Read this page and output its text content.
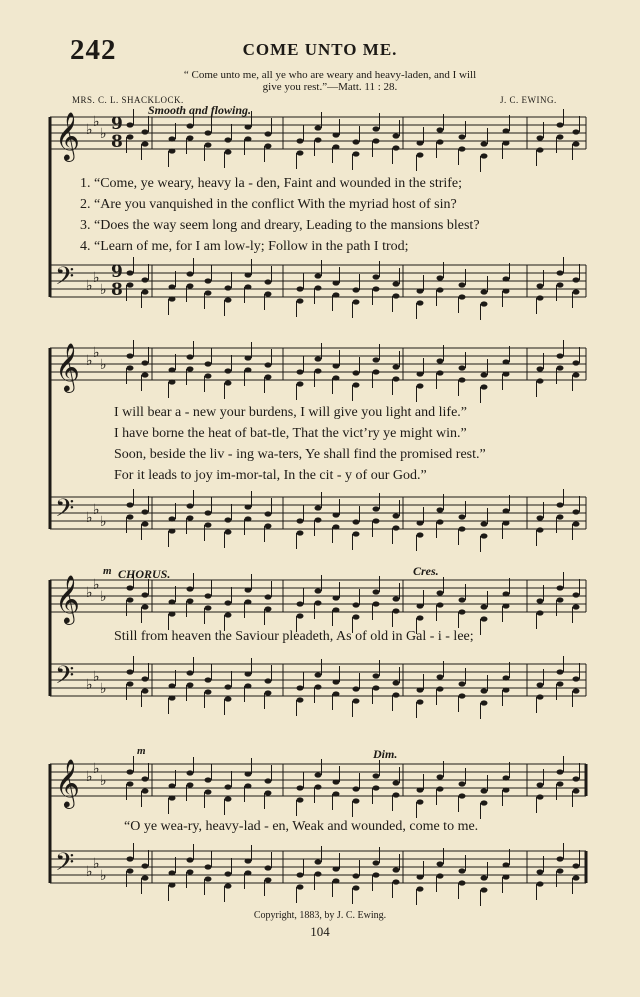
242	COME UNTO ME.
“ Come unto me, all ye who are weary and heavy-laden, and I will
give you rest.”—Matt. 11 : 28.
MRS. C. L. SHACKLOCK.	J. C. EWING.
𝄞
𝄢
♭
♭
♭
♭
♭
♭
9
9
8
8
𝄞
𝄢
♭
♭
♭
♭
♭
♭
𝄞
𝄢
♭
♭
♭
♭
♭
♭
𝄞
𝄢
♭
♭
♭
♭
♭
♭
Smooth and flowing.
m CHORUS.	Cres.
m	Dim.
1. “Come, ye weary, heavy la - den, Faint and wounded in the strife;
2. “Are you vanquished in the conflict With the myriad host of sin?
3. “Does the way seem long and dreary, Leading to the mansions blest?
4. “Learn of me, for I am low-ly; Follow in the path I trod;
I will bear a - new your burdens, I will give you light and life.”
I have borne the heat of bat-tle, That the vict’ry ye might win.”
Soon, beside the liv - ing wa-ters, Ye shall find the promised rest.”
For it leads to joy im-mor-tal, In the cit - y of our God.”
Still from heaven the Saviour pleadeth, As of old in Gal - i - lee;
“O ye wea-ry, heavy-lad - en, Weak and wounded, come to me.
Copyright, 1883, by J. C. Ewing.
104
